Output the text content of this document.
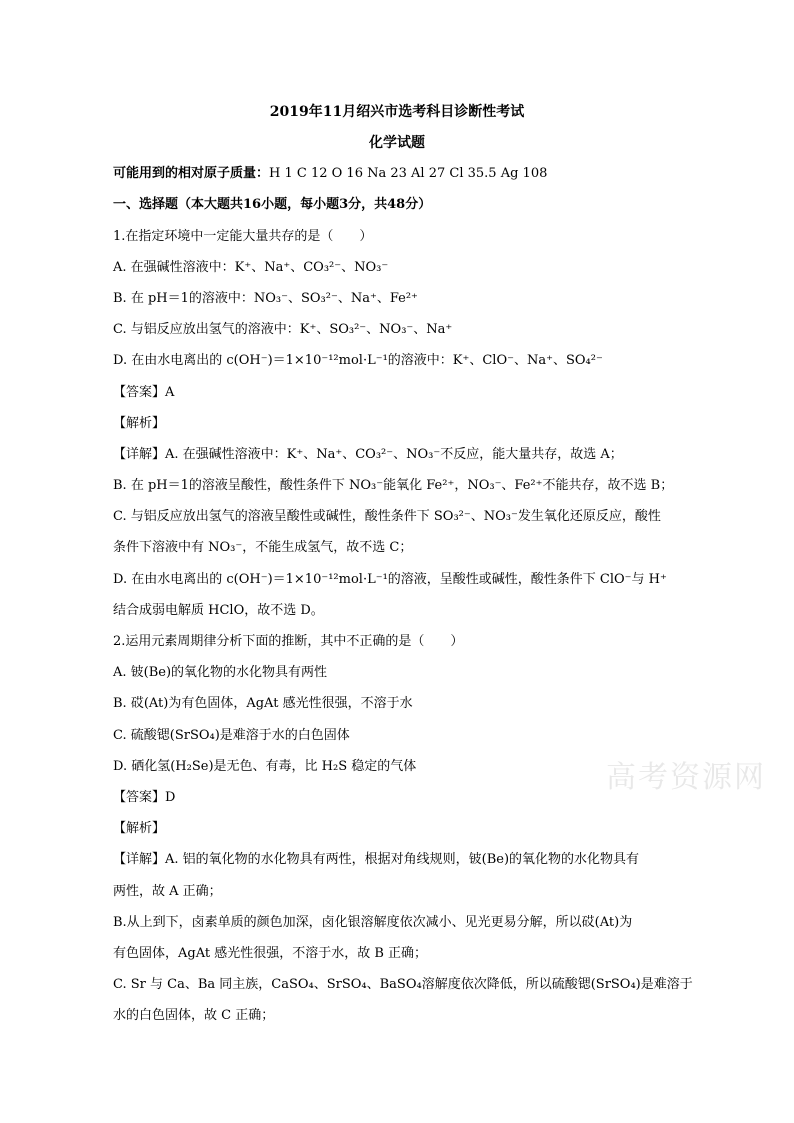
2019年11月绍兴市选考科目诊断性考试
化学试题
可能用到的相对原子质量：H 1 C 12 O 16 Na 23 Al 27 Cl 35.5 Ag 108
一、选择题（本大题共16小题，每小题3分，共48分）
1.在指定环境中一定能大量共存的是（　　）
A. 在强碱性溶液中：K⁺、Na⁺、CO₃²⁻、NO₃⁻
B. 在 pH＝1的溶液中：NO₃⁻、SO₃²⁻、Na⁺、Fe²⁺
C. 与铝反应放出氢气的溶液中：K⁺、SO₃²⁻、NO₃⁻、Na⁺
D. 在由水电离出的 c(OH⁻)＝1×10⁻¹²mol·L⁻¹的溶液中：K⁺、ClO⁻、Na⁺、SO₄²⁻
【答案】A
【解析】
【详解】A. 在强碱性溶液中：K⁺、Na⁺、CO₃²⁻、NO₃⁻不反应，能大量共存，故选 A；
B. 在 pH＝1的溶液呈酸性，酸性条件下 NO₃⁻能氧化 Fe²⁺，NO₃⁻、Fe²⁺不能共存，故不选 B；
C. 与铝反应放出氢气的溶液呈酸性或碱性，酸性条件下 SO₃²⁻、NO₃⁻发生氧化还原反应，酸性
条件下溶液中有 NO₃⁻，不能生成氢气，故不选 C；
D. 在由水电离出的 c(OH⁻)＝1×10⁻¹²mol·L⁻¹的溶液，呈酸性或碱性，酸性条件下 ClO⁻与 H⁺
结合成弱电解质 HClO，故不选 D。
2.运用元素周期律分析下面的推断，其中不正确的是（　　）
A. 铍(Be)的氧化物的水化物具有两性
B. 砹(At)为有色固体，AgAt 感光性很强，不溶于水
C. 硫酸锶(SrSO₄)是难溶于水的白色固体
D. 硒化氢(H₂Se)是无色、有毒，比 H₂S 稳定的气体
【答案】D
【解析】
【详解】A. 铝的氧化物的水化物具有两性，根据对角线规则，铍(Be)的氧化物的水化物具有
两性，故 A 正确；
B.从上到下，卤素单质的颜色加深，卤化银溶解度依次减小、见光更易分解，所以砹(At)为
有色固体，AgAt 感光性很强，不溶于水，故 B 正确；
C. Sr 与 Ca、Ba 同主族，CaSO₄、SrSO₄、BaSO₄溶解度依次降低，所以硫酸锶(SrSO₄)是难溶于
水的白色固体，故 C 正确；
高考资源网
